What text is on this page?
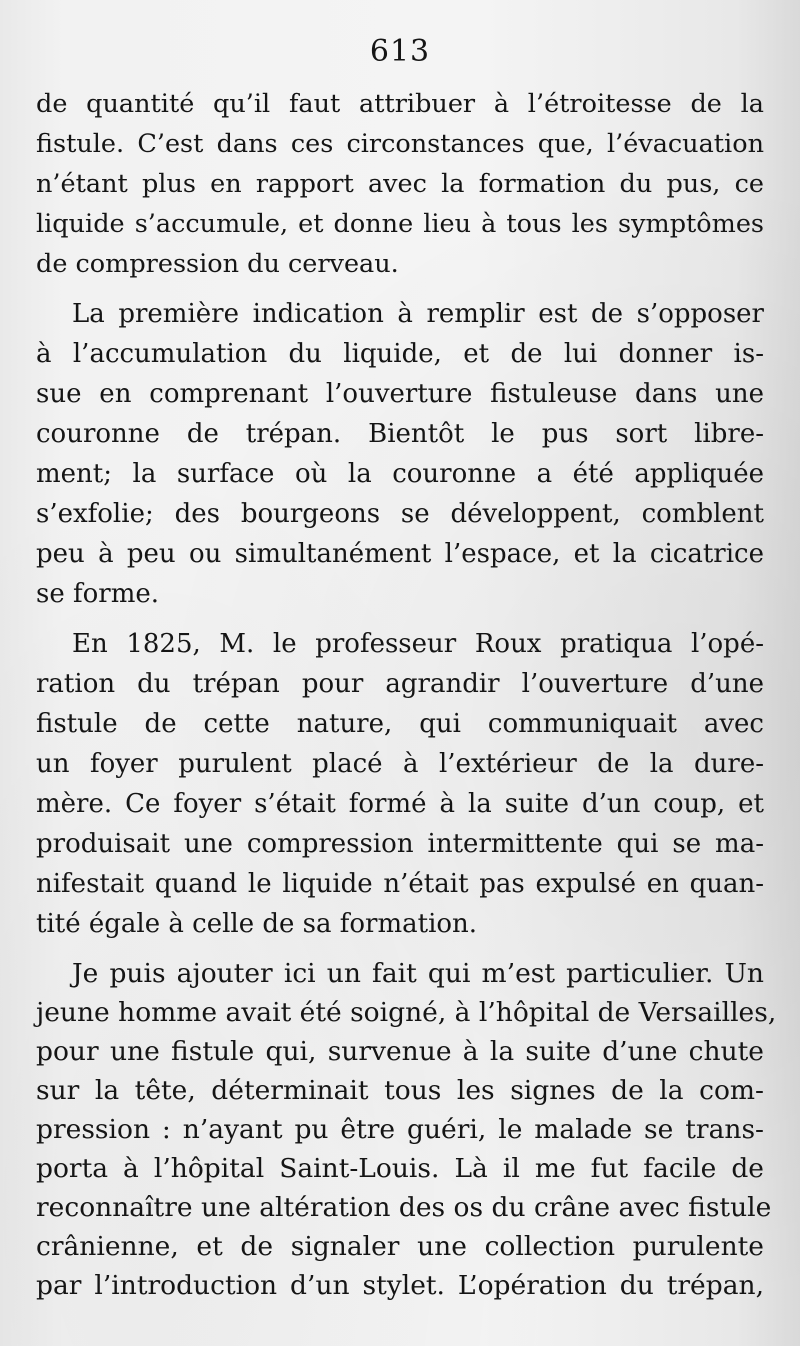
613
de quantité qu’il faut attribuer à l’étroitesse de la
fistule. C’est dans ces circonstances que, l’évacuation
n’étant plus en rapport avec la formation du pus, ce
liquide s’accumule, et donne lieu à tous les symptômes
de compression du cerveau.
La première indication à remplir est de s’opposer
à l’accumulation du liquide, et de lui donner is-
sue en comprenant l’ouverture fistuleuse dans une
couronne de trépan. Bientôt le pus sort libre-
ment; la surface où la couronne a été appliquée
s’exfolie; des bourgeons se développent, comblent
peu à peu ou simultanément l’espace, et la cicatrice
se forme.
En 1825, M. le professeur Roux pratiqua l’opé-
ration du trépan pour agrandir l’ouverture d’une
fistule de cette nature, qui communiquait avec
un foyer purulent placé à l’extérieur de la dure-
mère. Ce foyer s’était formé à la suite d’un coup, et
produisait une compression intermittente qui se ma-
nifestait quand le liquide n’était pas expulsé en quan-
tité égale à celle de sa formation.
Je puis ajouter ici un fait qui m’est particulier. Un
jeune homme avait été soigné, à l’hôpital de Versailles,
pour une fistule qui, survenue à la suite d’une chute
sur la tête, déterminait tous les signes de la com-
pression : n’ayant pu être guéri, le malade se trans-
porta à l’hôpital Saint-Louis. Là il me fut facile de
reconnaître une altération des os du crâne avec fistule
crânienne, et de signaler une collection purulente
par l’introduction d’un stylet. L’opération du trépan,
